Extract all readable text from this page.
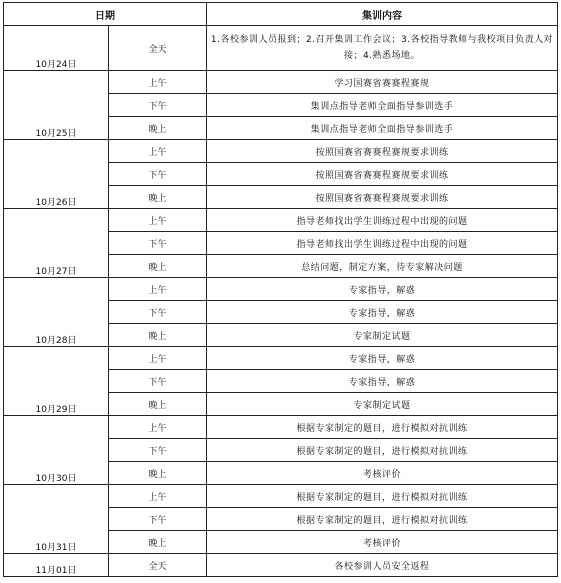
日期		集训内容
10月24日	全天	1.各校参训人员报到；2.召开集训工作会议；3.各校指导教师与我校项目负责人对接；4.熟悉场地。
10月25日	上午	学习国赛省赛赛程赛规
	下午	集训点指导老师全面指导参训选手
	晚上	集训点指导老师全面指导参训选手
10月26日	上午	按照国赛省赛赛程赛规要求训练
	下午	按照国赛省赛赛程赛规要求训练
	晚上	按照国赛省赛赛程赛规要求训练
10月27日	上午	指导老师找出学生训练过程中出现的问题
	下午	指导老师找出学生训练过程中出现的问题
	晚上	总结问题，制定方案，待专家解决问题
10月28日	上午	专家指导，解惑
	下午	专家指导，解惑
	晚上	专家制定试题
10月29日	上午	专家指导，解惑
	下午	专家指导，解惑
	晚上	专家制定试题
10月30日	上午	根据专家制定的题目，进行模拟对抗训练
	下午	根据专家制定的题目，进行模拟对抗训练
	晚上	考核评价
10月31日	上午	根据专家制定的题目，进行模拟对抗训练
	下午	根据专家制定的题目，进行模拟对抗训练
	晚上	考核评价
11月01日	全天	各校参训人员安全返程
